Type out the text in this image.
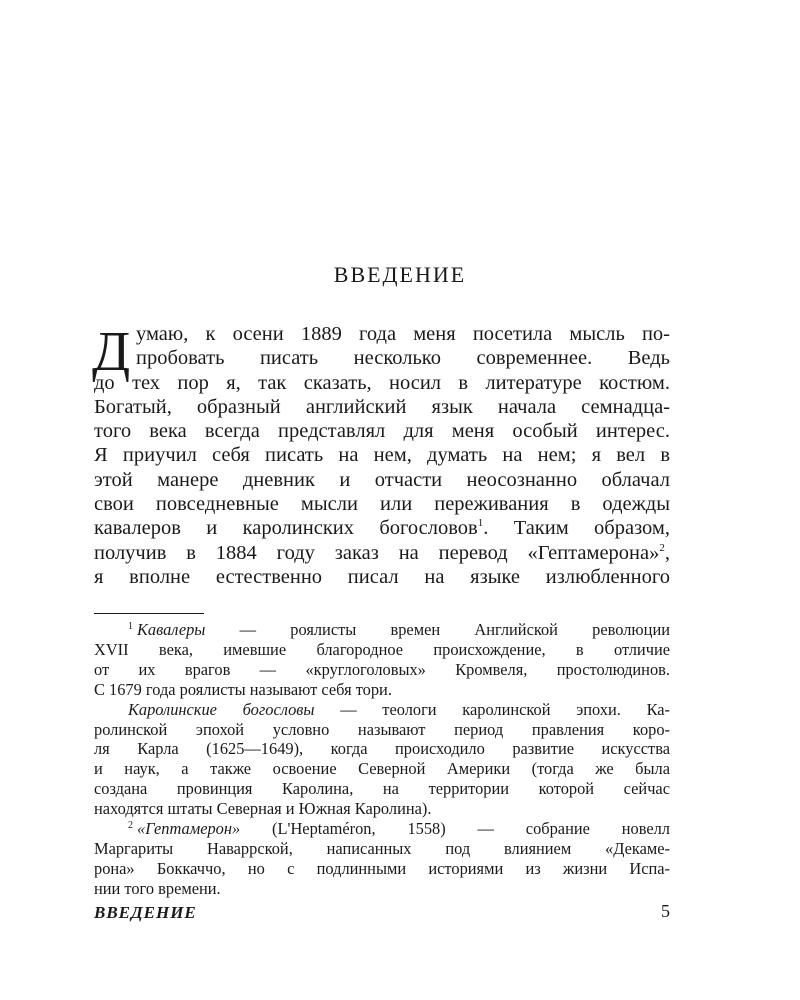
ВВЕДЕНИЕ
Д умаю, к осени 1889 года меня посетила мысль по-
пробовать писать несколько современнее. Ведь
до тех пор я, так сказать, носил в литературе костюм.
Богатый, образный английский язык начала семнадца-
того века всегда представлял для меня особый интерес.
Я приучил себя писать на нем, думать на нем; я вел в
этой манере дневник и отчасти неосознанно облачал
свои повседневные мысли или переживания в одежды
кавалеров и каролинских богословов$^1$. Таким образом,
получив в 1884 году заказ на перевод «Гептамерона»$^2$,
я вполне естественно писал на языке излюбленного
$^1$ Кавалеры — роялисты времен Английской революции
XVII века, имевшие благородное происхождение, в отличие
от их врагов — «круглоголовых» Кромвеля, простолюдинов.
С 1679 года роялисты называют себя тори.
Каролинские богословы — теологи каролинской эпохи. Ка-
ролинской эпохой условно называют период правления коро-
ля Карла (1625—1649), когда происходило развитие искусства
и наук, а также освоение Северной Америки (тогда же была
создана провинция Каролина, на территории которой сейчас
находятся штаты Северная и Южная Каролина).
$^2$ «Гептамерон» (L'Heptaméron, 1558) — собрание новелл
Маргариты Наваррской, написанных под влиянием «Декаме-
рона» Боккаччо, но с подлинными историями из жизни Испа-
нии того времени.
ВВЕДЕНИЕ	5
